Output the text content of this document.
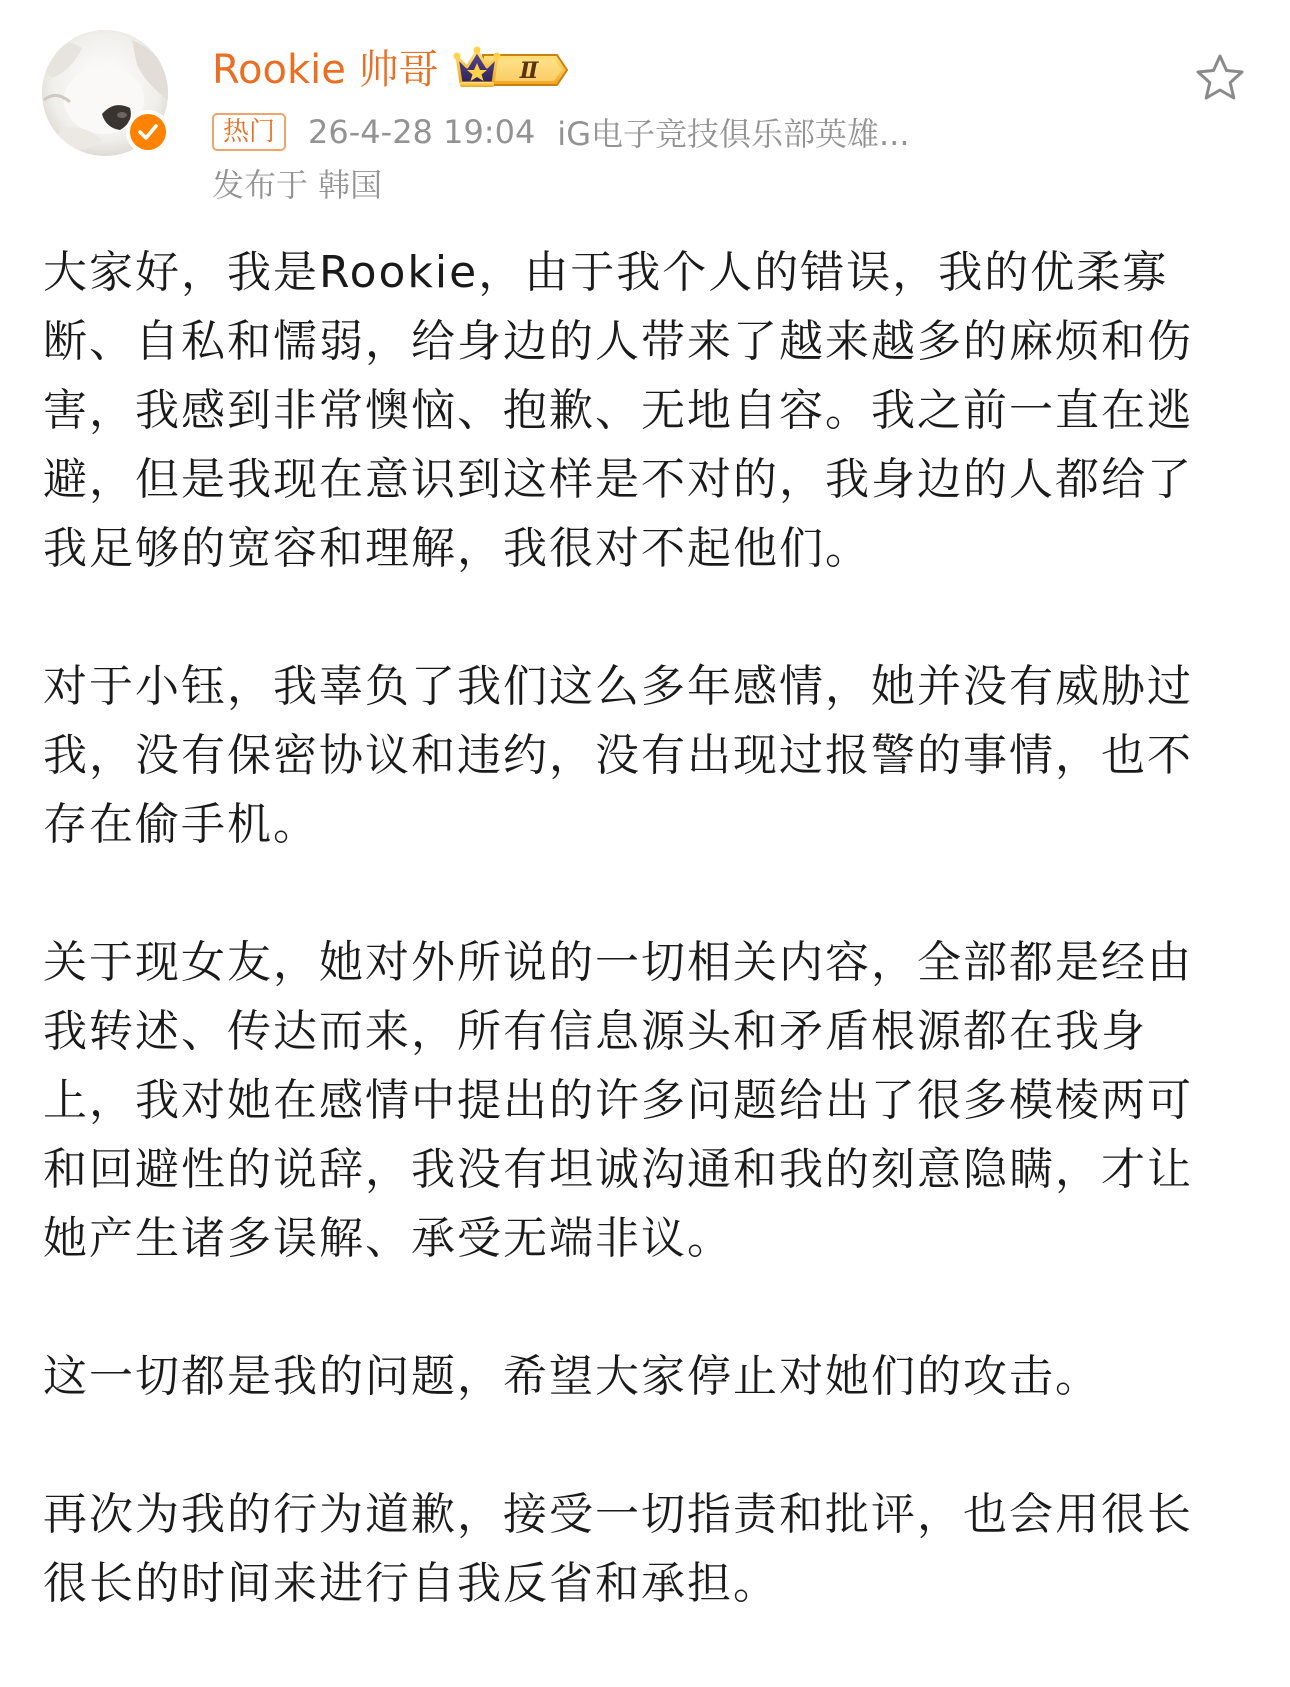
Rookie 帅哥	Ⅱ
热门	26-4-28 19:04 iG电子竞技俱乐部英雄...
发布于 韩国

大家好，我是Rookie，由于我个人的错误，我的优柔寡
断、自私和懦弱，给身边的人带来了越来越多的麻烦和伤
害，我感到非常懊恼、抱歉、无地自容。我之前一直在逃
避，但是我现在意识到这样是不对的，我身边的人都给了
我足够的宽容和理解，我很对不起他们。

对于小钰，我辜负了我们这么多年感情，她并没有威胁过
我，没有保密协议和违约，没有出现过报警的事情，也不
存在偷手机。

关于现女友，她对外所说的一切相关内容，全部都是经由
我转述、传达而来，所有信息源头和矛盾根源都在我身
上，我对她在感情中提出的许多问题给出了很多模棱两可
和回避性的说辞，我没有坦诚沟通和我的刻意隐瞒，才让
她产生诸多误解、承受无端非议。

这一切都是我的问题，希望大家停止对她们的攻击。

再次为我的行为道歉，接受一切指责和批评，也会用很长
很长的时间来进行自我反省和承担。
